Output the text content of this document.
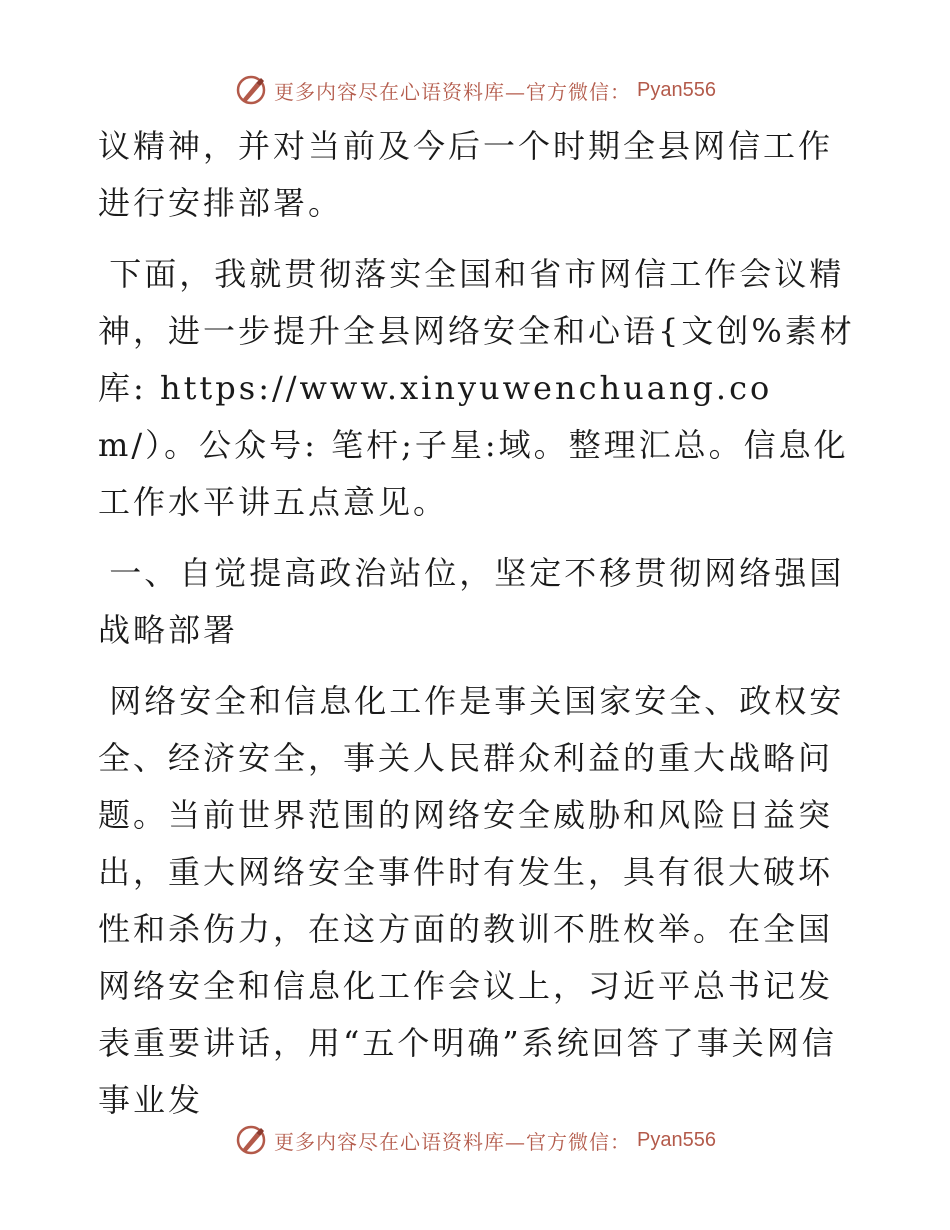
更多内容尽在心语资料库—官方微信： Pyan556

议精神，并对当前及今后一个时期全县网信工作进行安排部署。

下面，我就贯彻落实全国和省市网信工作会议精神，进一步提升全县网络安全和心语{文创%素材库: https://www.xinyuwenchuang.com/）。公众号: 笔杆;子星:域。整理汇总。信息化工作水平讲五点意见。

一、自觉提高政治站位，坚定不移贯彻网络强国战略部署

网络安全和信息化工作是事关国家安全、政权安全、经济安全，事关人民群众利益的重大战略问题。当前世界范围的网络安全威胁和风险日益突出，重大网络安全事件时有发生，具有很大破坏性和杀伤力，在这方面的教训不胜枚举。在全国网络安全和信息化工作会议上，习近平总书记发表重要讲话，用“五个明确”系统回答了事关网信事业发

更多内容尽在心语资料库—官方微信： Pyan556
